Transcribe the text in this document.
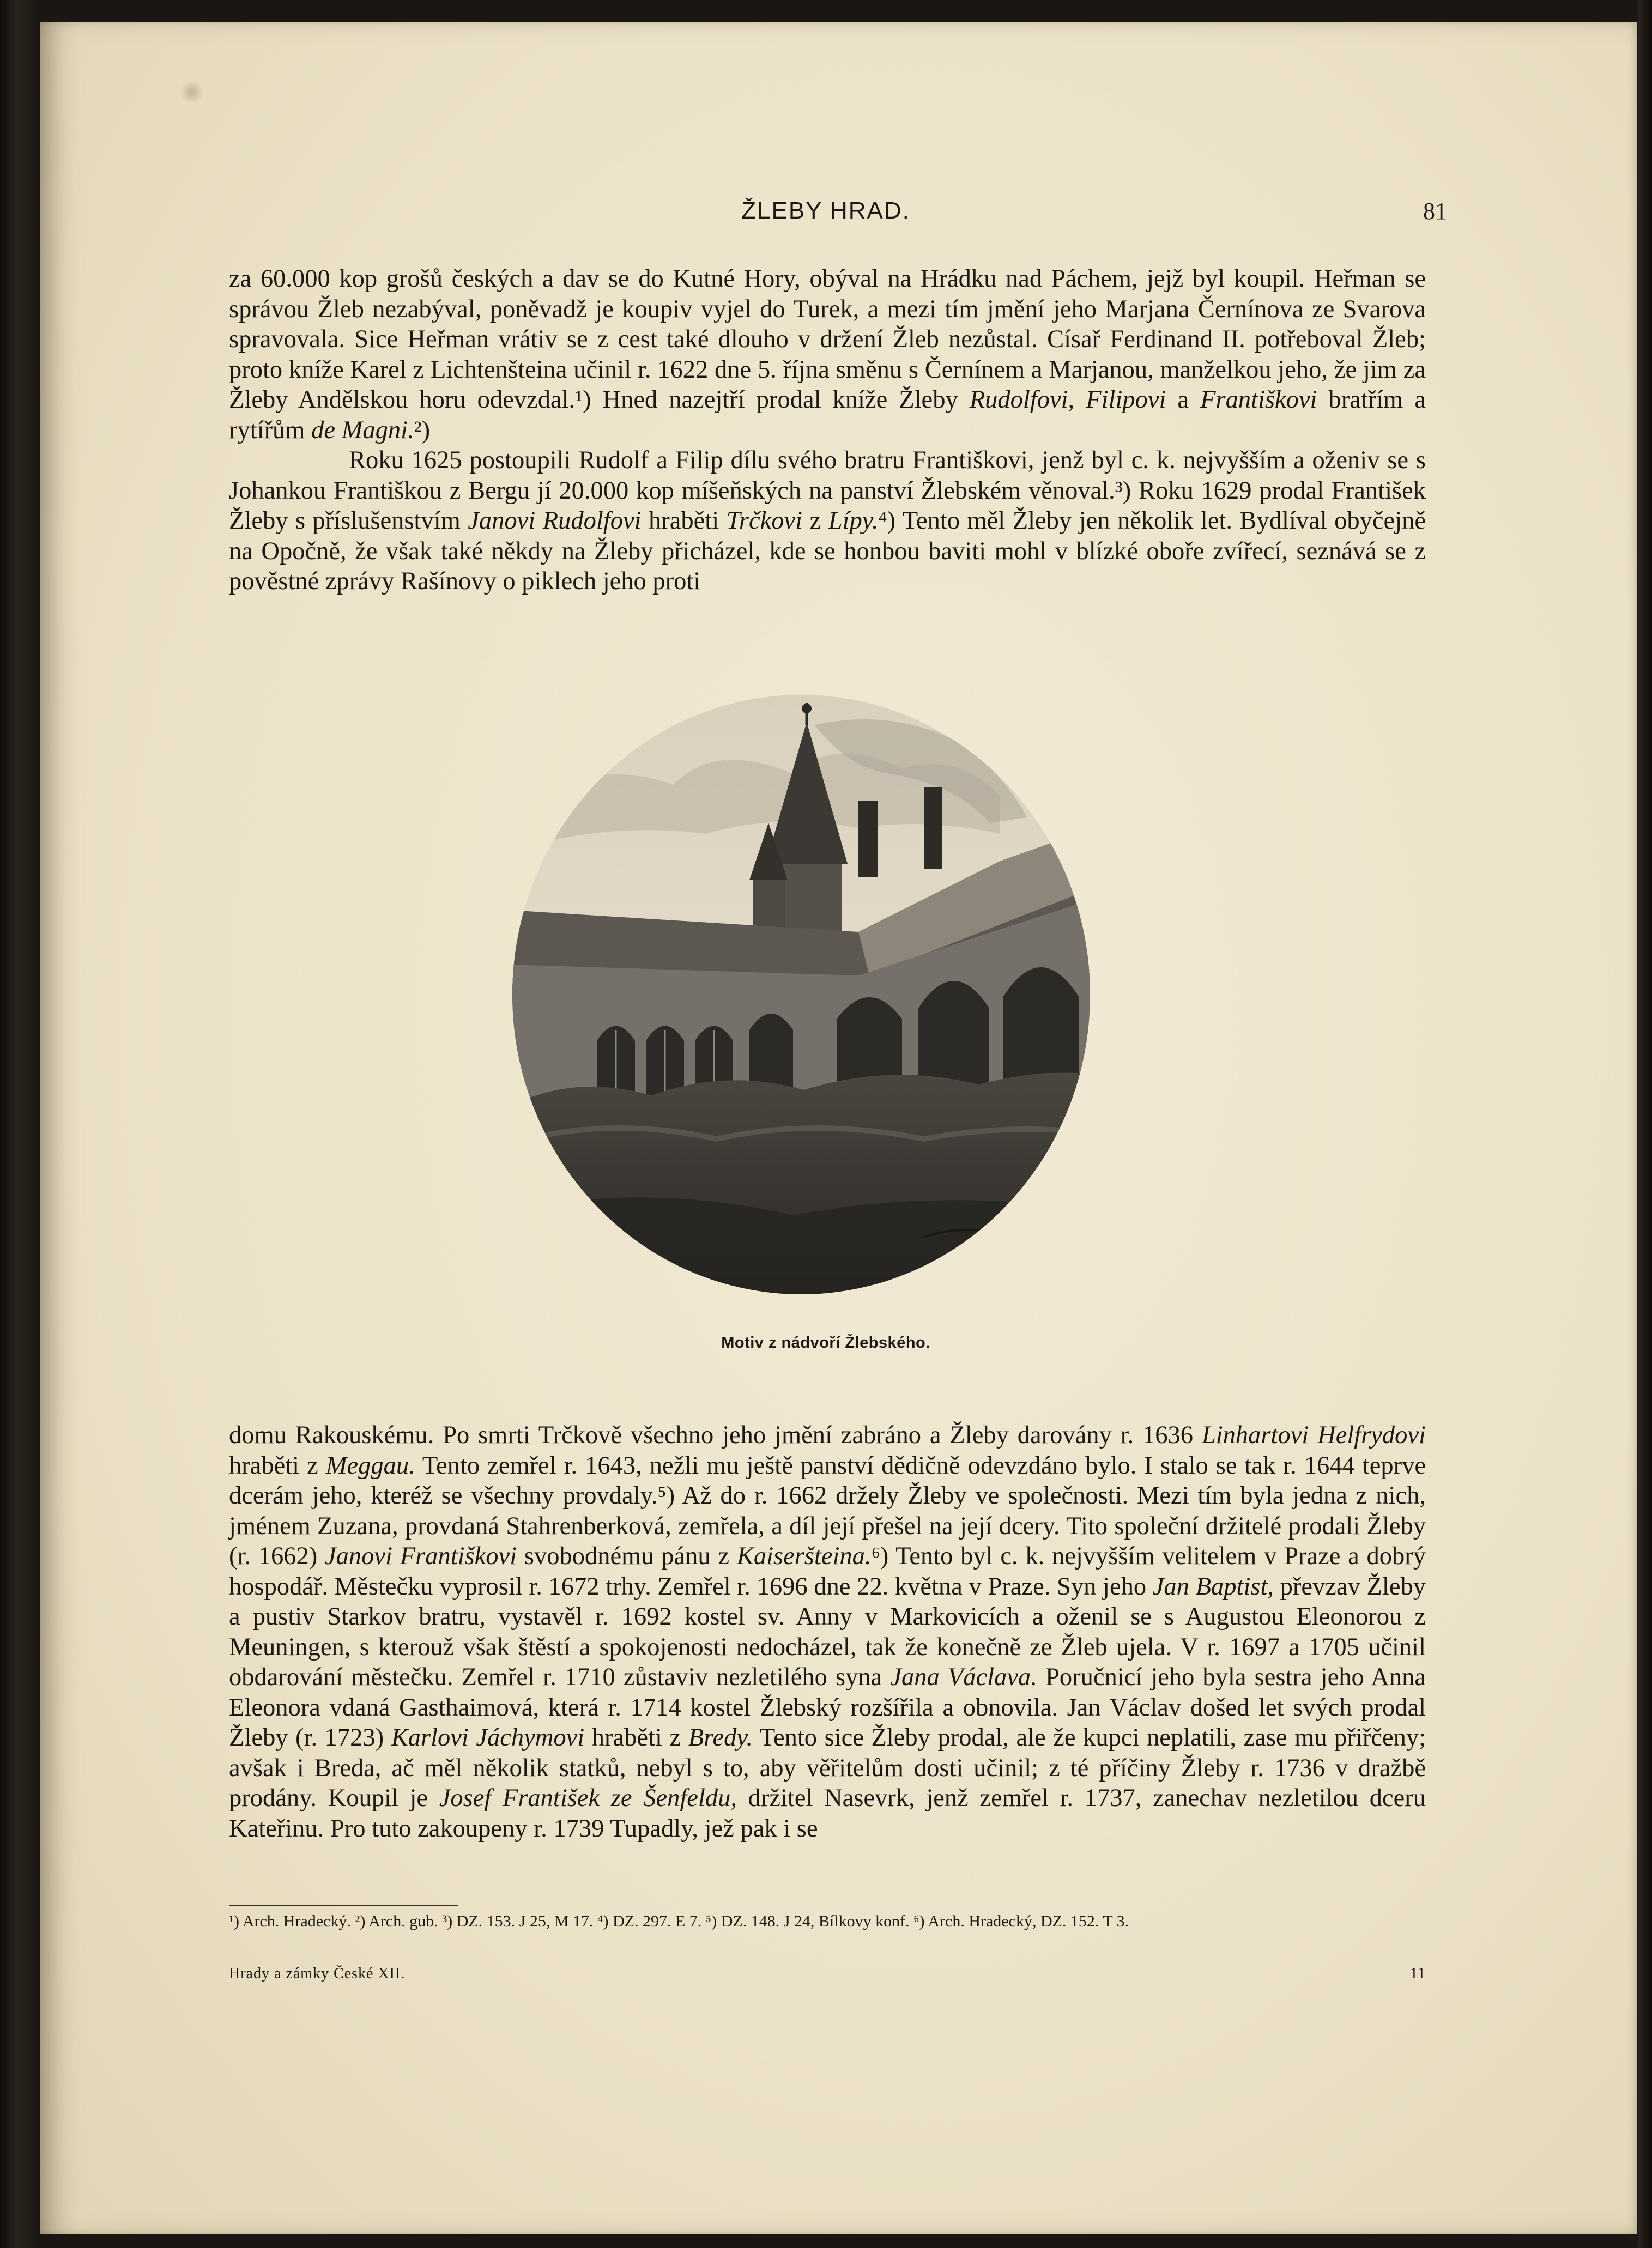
ŽLEBY HRAD.	81

za 60.000 kop grošů českých a dav se do Kutné Hory, obýval na Hrádku nad Páchem, jejž byl koupil. Heřman se správou Žleb nezabýval, poněvadž je koupiv vyjel do Turek, a mezi tím jmění jeho Marjana Černínova ze Svarova spravovala. Sice Heřman vrátiv se z cest také dlouho v držení Žleb nezůstal. Císař Ferdinand II. potřeboval Žleb; proto kníže Karel z Lichtenšteina učinil r. 1622 dne 5. října směnu s Černínem a Marjanou, manželkou jeho, že jim za Žleby Andělskou horu odevzdal.¹) Hned nazejtří prodal kníže Žleby Rudolfovi, Filipovi a Františkovi bratřím a rytířům de Magni.²)

Roku 1625 postoupili Rudolf a Filip dílu svého bratru Františkovi, jenž byl c. k. nejvyšším a oženiv se s Johankou Františkou z Bergu jí 20.000 kop míšeňských na panství Žlebském věnoval.³) Roku 1629 prodal František Žleby s příslušenstvím Janovi Rudolfovi hraběti Trčkovi z Lípy.⁴) Tento měl Žleby jen několik let. Bydlíval obyčejně na Opočně, že však také někdy na Žleby přicházel, kde se honbou baviti mohl v blízké oboře zvířecí, seznává se z pověstné zprávy Rašínovy o piklech jeho proti

Motiv z nádvoří Žlebského.

domu Rakouskému. Po smrti Trčkově všechno jeho jmění zabráno a Žleby darovány r. 1636 Linhartovi Helfrydovi hraběti z Meggau. Tento zemřel r. 1643, nežli mu ještě panství dědičně odevzdáno bylo. I stalo se tak r. 1644 teprve dcerám jeho, kteréž se všechny provdaly.⁵) Až do r. 1662 držely Žleby ve společnosti. Mezi tím byla jedna z nich, jménem Zuzana, provdaná Stahrenberková, zemřela, a díl její přešel na její dcery. Tito společní držitelé prodali Žleby (r. 1662) Janovi Františkovi svobodnému pánu z Kaiseršteina.⁶) Tento byl c. k. nejvyšším velitelem v Praze a dobrý hospodář. Městečku vyprosil r. 1672 trhy. Zemřel r. 1696 dne 22. května v Praze. Syn jeho Jan Baptist, převzav Žleby a pustiv Starkov bratru, vystavěl r. 1692 kostel sv. Anny v Markovicích a oženil se s Augustou Eleonorou z Meuningen, s kterouž však štěstí a spokojenosti nedocházel, tak že konečně ze Žleb ujela. V r. 1697 a 1705 učinil obdarování městečku. Zemřel r. 1710 zůstaviv nezletilého syna Jana Václava. Poručnicí jeho byla sestra jeho Anna Eleonora vdaná Gasthaimová, která r. 1714 kostel Žlebský rozšířila a obnovila. Jan Václav došed let svých prodal Žleby (r. 1723) Karlovi Jáchymovi hraběti z Bredy. Tento sice Žleby prodal, ale že kupci neplatili, zase mu přiřčeny; avšak i Breda, ač měl několik statků, nebyl s to, aby věřitelům dosti učinil; z té příčiny Žleby r. 1736 v dražbě prodány. Koupil je Josef František ze Šenfeldu, držitel Nasevrk, jenž zemřel r. 1737, zanechav nezletilou dceru Kateřinu. Pro tuto zakoupeny r. 1739 Tupadly, jež pak i se

¹) Arch. Hradecký. ²) Arch. gub. ³) DZ. 153. J 25, M 17. ⁴) DZ. 297. E 7. ⁵) DZ. 148. J 24, Bílkovy konf. ⁶) Arch. Hradecký, DZ. 152. T 3.
Hrady a zámky České XII.	11
